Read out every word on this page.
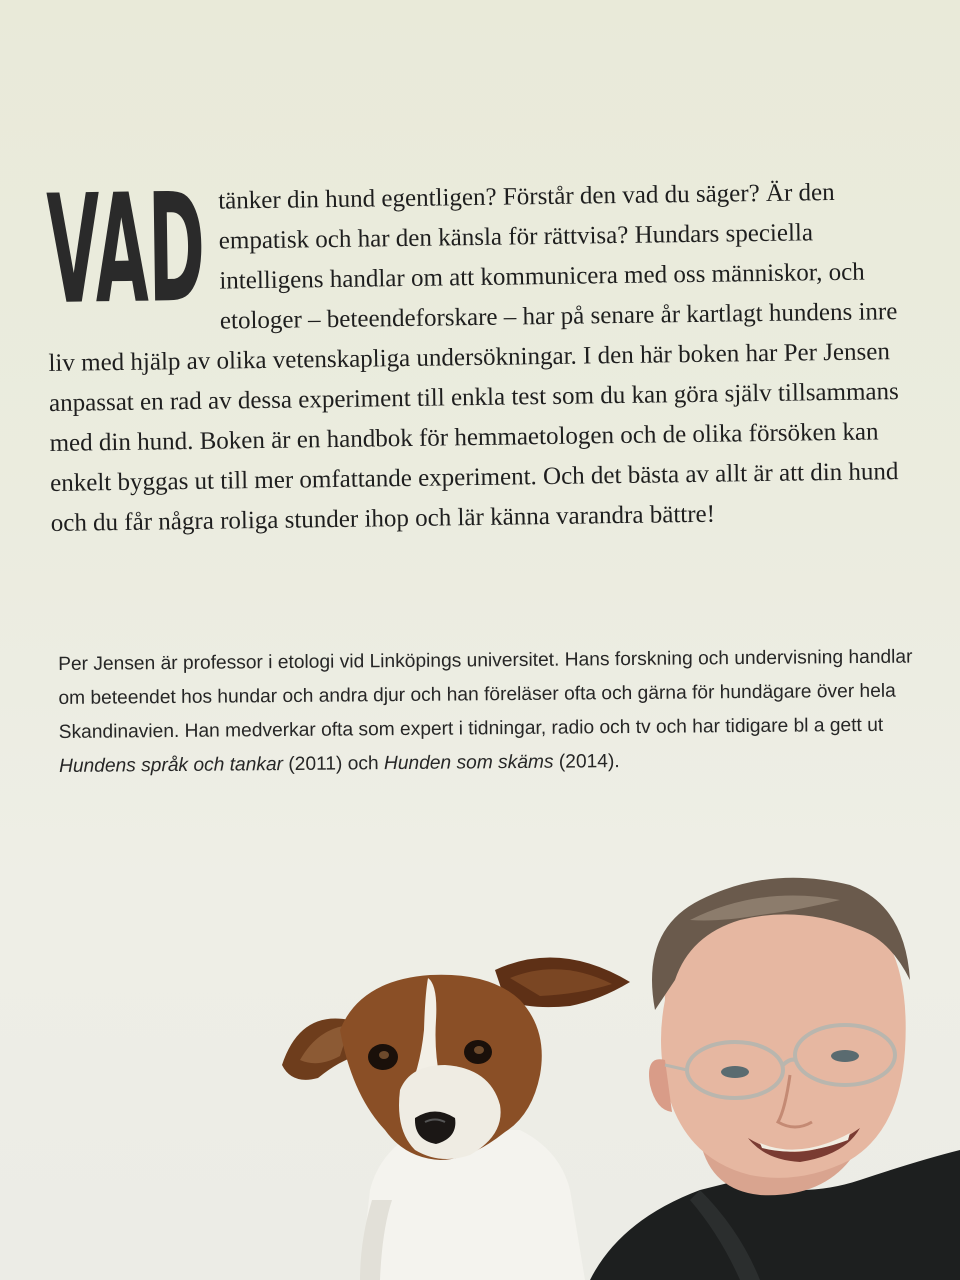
VAD
tänker din hund egentligen? Förstår den vad du säger? Är den empatisk och har den känsla för rättvisa? Hundars speciella intelligens handlar om att kommunicera med oss människor, och etologer – beteendeforskare – har på senare år kartlagt hundens inre liv med hjälp av olika vetenskapliga undersökningar. I den här boken har Per Jensen anpassat en rad av dessa experiment till enkla test som du kan göra själv tillsammans med din hund. Boken är en handbok för hemmaetologen och de olika försöken kan enkelt byggas ut till mer omfattande experiment. Och det bästa av allt är att din hund och du får några roliga stunder ihop och lär känna varandra bättre!
Per Jensen är professor i etologi vid Linköpings universitet. Hans forskning och undervisning handlar om beteendet hos hundar och andra djur och han föreläser ofta och gärna för hundägare över hela Skandinavien. Han medverkar ofta som expert i tidningar, radio och tv och har tidigare bl a gett ut Hundens språk och tankar (2011) och Hunden som skäms (2014).
